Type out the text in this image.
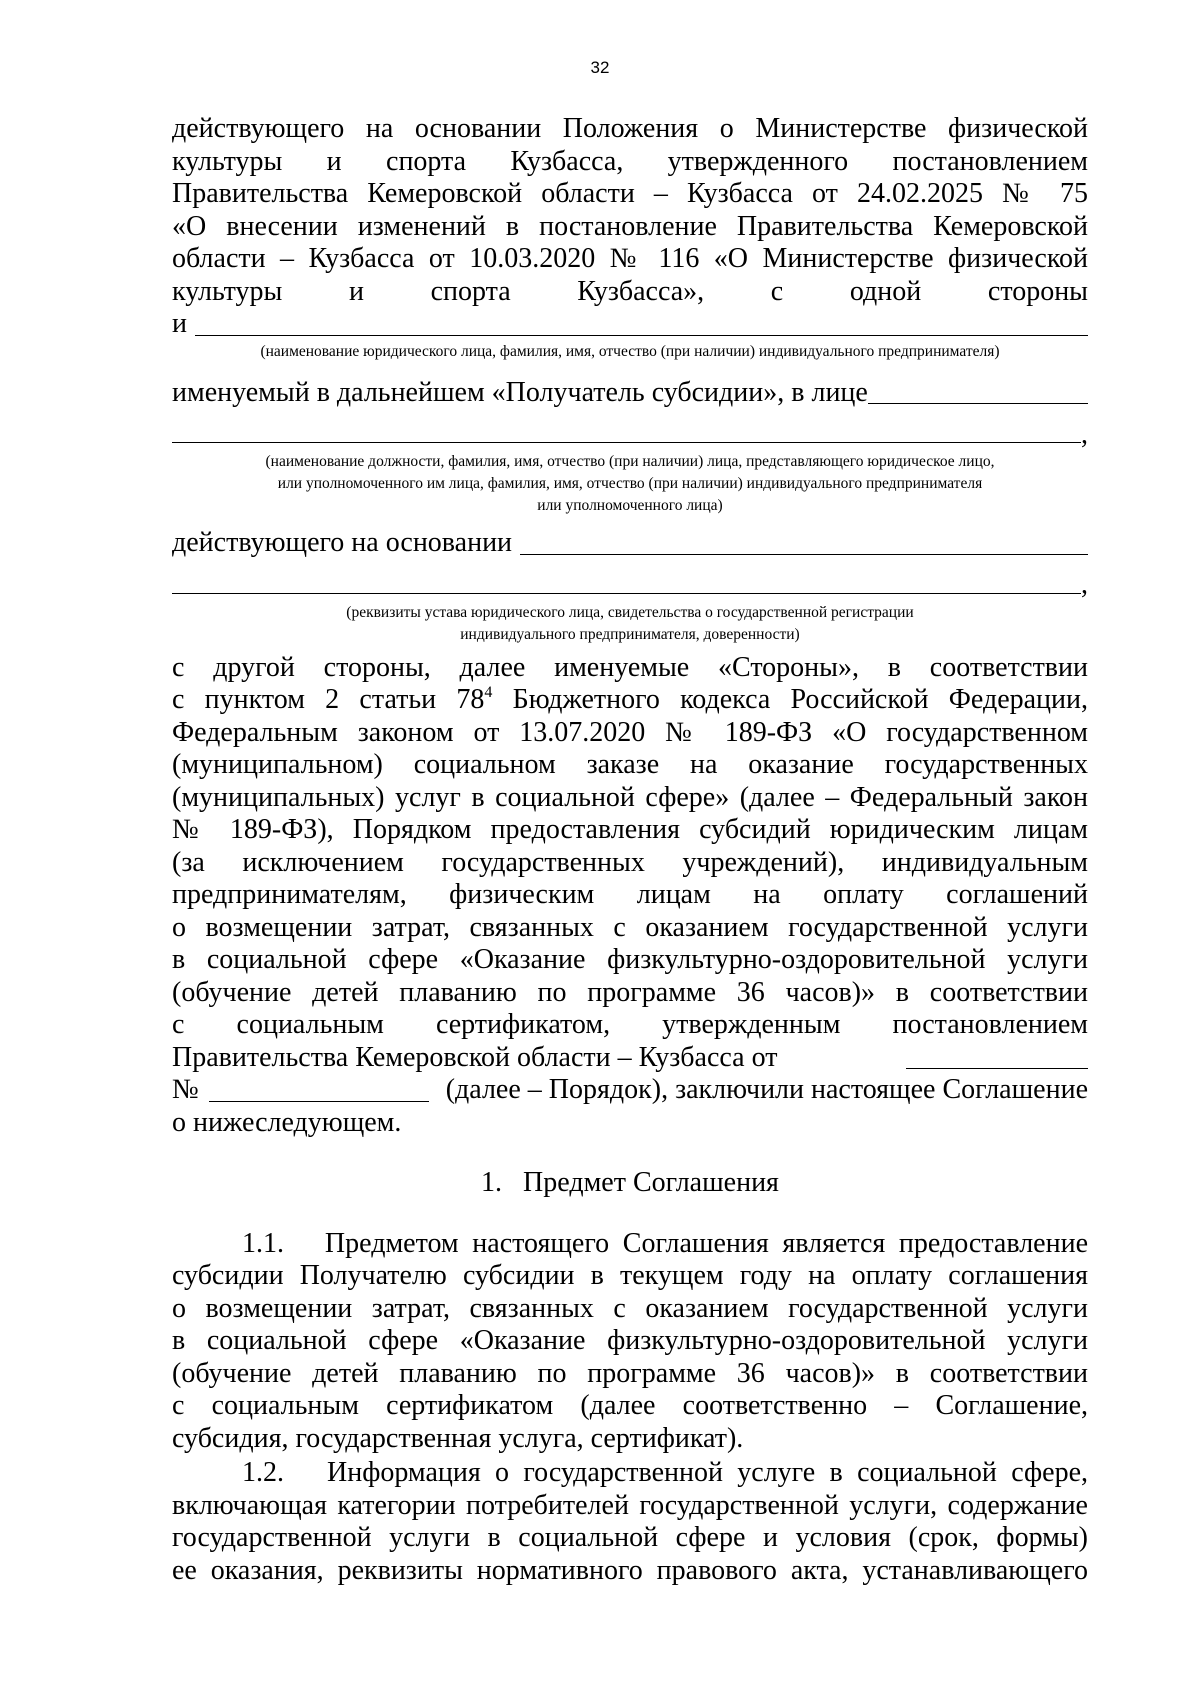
32

действующего на основании Положения о Министерстве физической

культуры и спорта Кузбасса, утвержденного постановлением

Правительства Кемеровской области – Кузбасса от 24.02.2025 № 75

«О внесении изменений в постановление Правительства Кемеровской

области – Кузбасса от 10.03.2020 № 116 «О Министерстве физической

культуры и спорта Кузбасса», с одной стороны

и

(наименование юридического лица, фамилия, имя, отчество (при наличии) индивидуального предпринимателя)

именуемый в дальнейшем «Получатель субсидии», в лице
,

(наименование должности, фамилия, имя, отчество (при наличии) лица, представляющего юридическое лицо,

или уполномоченного им лица, фамилия, имя, отчество (при наличии) индивидуального предпринимателя

или уполномоченного лица)

действующего на основании
,

(реквизиты устава юридического лица, свидетельства о государственной регистрации

индивидуального предпринимателя, доверенности)

с другой стороны, далее именуемые «Стороны», в соответствии

с пунктом 2 статьи $78^4$ Бюджетного кодекса Российской Федерации,

Федеральным законом от 13.07.2020 № 189-ФЗ «О государственном

(муниципальном) социальном заказе на оказание государственных

(муниципальных) услуг в социальной сфере» (далее – Федеральный закон

№ 189-ФЗ), Порядком предоставления субсидий юридическим лицам

(за исключением государственных учреждений), индивидуальным

предпринимателям, физическим лицам на оплату соглашений

о возмещении затрат, связанных с оказанием государственной услуги

в социальной сфере «Оказание физкультурно-оздоровительной услуги

(обучение детей плаванию по программе 36 часов)» в соответствии

с социальным сертификатом, утвержденным постановлением

Правительства Кемеровской области – Кузбасса от
№	(далее – Порядок), заключили настоящее Соглашение

о нижеследующем.

1.   Предмет Соглашения

1.1.   Предметом настоящего Соглашения является предоставление

субсидии Получателю субсидии в текущем году на оплату соглашения

о возмещении затрат, связанных с оказанием государственной услуги

в социальной сфере «Оказание физкультурно-оздоровительной услуги

(обучение детей плаванию по программе 36 часов)» в соответствии

с социальным сертификатом (далее соответственно – Соглашение,

субсидия, государственная услуга, сертификат).

1.2.   Информация о государственной услуге в социальной сфере,

включающая категории потребителей государственной услуги, содержание

государственной услуги в социальной сфере и условия (срок, формы)

ее оказания, реквизиты нормативного правового акта, устанавливающего
